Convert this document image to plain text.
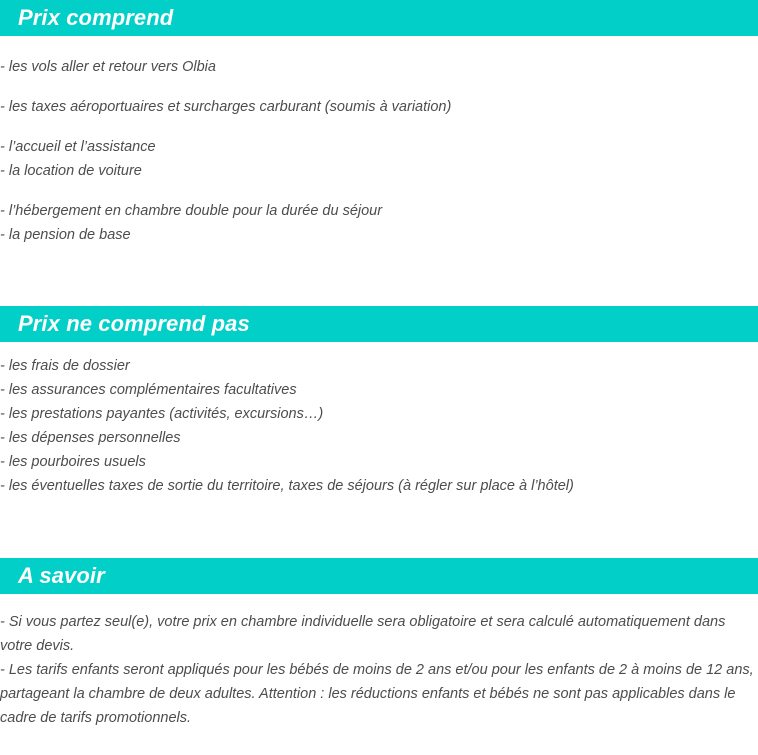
Prix comprend
- les vols aller et retour vers Olbia
- les taxes aéroportuaires et surcharges carburant (soumis à variation)
- l’accueil et l’assistance
- la location de voiture
- l’hébergement en chambre double pour la durée du séjour
- la pension de base
Prix ne comprend pas
- les frais de dossier
- les assurances complémentaires facultatives
- les prestations payantes (activités, excursions…)
- les dépenses personnelles
- les pourboires usuels
- les éventuelles taxes de sortie du territoire, taxes de séjours (à régler sur place à l’hôtel)
A savoir
- Si vous partez seul(e), votre prix en chambre individuelle sera obligatoire et sera calculé automatiquement dans votre devis.
- Les tarifs enfants seront appliqués pour les bébés de moins de 2 ans et/ou pour les enfants de 2 à moins de 12 ans, partageant la chambre de deux adultes. Attention : les réductions enfants et bébés ne sont pas applicables dans le cadre de tarifs promotionnels.
